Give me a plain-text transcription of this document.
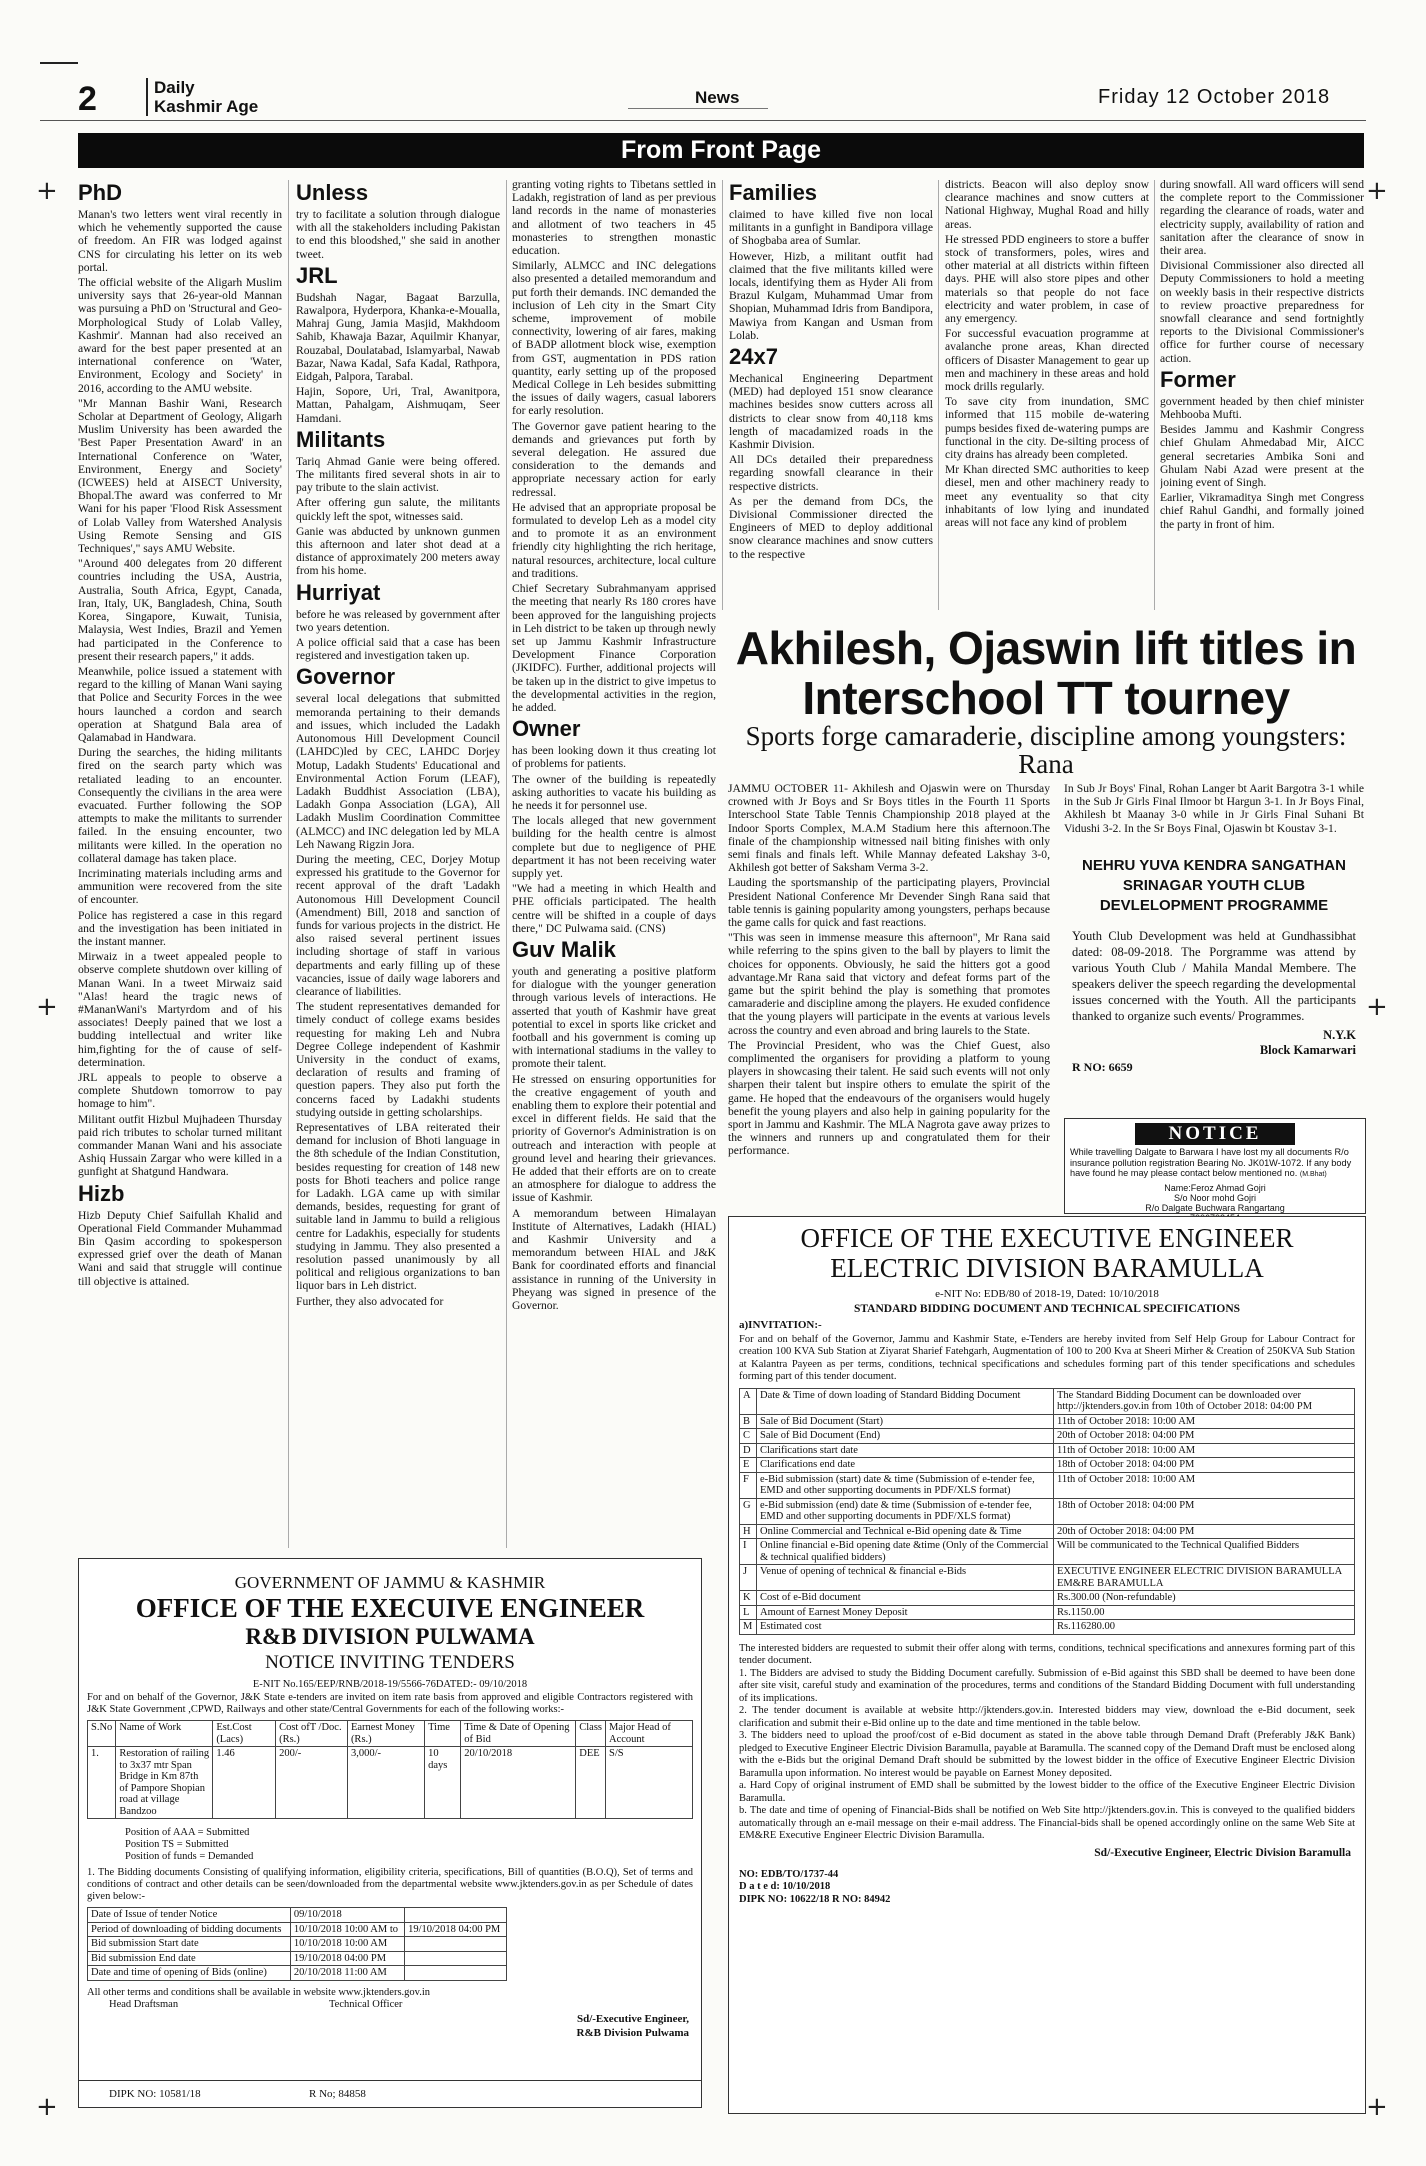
2	Daily
Kashmir Age	News	Friday 12 October 2018
From Front Page
+	+
+	+
+	+
PhD

Manan's two letters went viral recently in which he vehemently supported the cause of freedom. An FIR was lodged against CNS for circulating his letter on its web portal.

The official website of the Aligarh Muslim university says that 26-year-old Mannan was pursuing a PhD on 'Structural and Geo-Morphological Study of Lolab Valley, Kashmir'. Mannan had also received an award for the best paper presented at an international conference on 'Water, Environment, Ecology and Society' in 2016, according to the AMU website.

"Mr Mannan Bashir Wani, Research Scholar at Department of Geology, Aligarh Muslim University has been awarded the 'Best Paper Presentation Award' in an International Conference on 'Water, Environment, Energy and Society' (ICWEES) held at AISECT University, Bhopal.The award was conferred to Mr Wani for his paper 'Flood Risk Assessment of Lolab Valley from Watershed Analysis Using Remote Sensing and GIS Techniques'," says AMU Website.

"Around 400 delegates from 20 different countries including the USA, Austria, Australia, South Africa, Egypt, Canada, Iran, Italy, UK, Bangladesh, China, South Korea, Singapore, Kuwait, Tunisia, Malaysia, West Indies, Brazil and Yemen had participated in the Conference to present their research papers," it adds.

Meanwhile, police issued a statement with regard to the killing of Manan Wani saying that Police and Security Forces in the wee hours launched a cordon and search operation at Shatgund Bala area of Qalamabad in Handwara.

During the searches, the hiding militants fired on the search party which was retaliated leading to an encounter. Consequently the civilians in the area were evacuated. Further following the SOP attempts to make the militants to surrender failed. In the ensuing encounter, two militants were killed. In the operation no collateral damage has taken place.

Incriminating materials including arms and ammunition were recovered from the site of encounter.

Police has registered a case in this regard and the investigation has been initiated in the instant manner.

Mirwaiz in a tweet appealed people to observe complete shutdown over killing of Manan Wani. In a tweet Mirwaiz said "Alas! heard the tragic news of #MananWani's Martyrdom and of his associates! Deeply pained that we lost a budding intellectual and writer like him,fighting for the of cause of self-determination.

JRL appeals to people to observe a complete Shutdown tomorrow to pay homage to him".

Militant outfit Hizbul Mujhadeen Thursday paid rich tributes to scholar turned militant commander Manan Wani and his associate Ashiq Hussain Zargar who were killed in a gunfight at Shatgund Handwara.

Hizb

Hizb Deputy Chief Saifullah Khalid and Operational Field Commander Muhammad Bin Qasim according to spokesperson expressed grief over the death of Manan Wani and said that struggle will continue till objective is attained.

Unless

try to facilitate a solution through dialogue with all the stakeholders including Pakistan to end this bloodshed," she said in another tweet.

JRL

Budshah Nagar, Bagaat Barzulla, Rawalpora, Hyderpora, Khanka-e-Moualla, Mahraj Gung, Jamia Masjid, Makhdoom Sahib, Khawaja Bazar, Aquilmir Khanyar, Rouzabal, Doulatabad, Islamyarbal, Nawab Bazar, Nawa Kadal, Safa Kadal, Rathpora, Eidgah, Palpora, Tarabal.

Hajin, Sopore, Uri, Tral, Awanitpora, Mattan, Pahalgam, Aishmuqam, Seer Hamdani.

Militants

Tariq Ahmad Ganie were being offered. The militants fired several shots in air to pay tribute to the slain activist.

After offering gun salute, the militants quickly left the spot, witnesses said.

Ganie was abducted by unknown gunmen this afternoon and later shot dead at a distance of approximately 200 meters away from his home.

Hurriyat

before he was released by government after two years detention.

A police official said that a case has been registered and investigation taken up.

Governor

several local delegations that submitted memoranda pertaining to their demands and issues, which included the Ladakh Autonomous Hill Development Council (LAHDC)led by CEC, LAHDC Dorjey Motup, Ladakh Students' Educational and Environmental Action Forum (LEAF), Ladakh Buddhist Association (LBA), Ladakh Gonpa Association (LGA), All Ladakh Muslim Coordination Committee (ALMCC) and INC delegation led by MLA Leh Nawang Rigzin Jora.

During the meeting, CEC, Dorjey Motup expressed his gratitude to the Governor for recent approval of the draft 'Ladakh Autonomous Hill Development Council (Amendment) Bill, 2018 and sanction of funds for various projects in the district. He also raised several pertinent issues including shortage of staff in various departments and early filling up of these vacancies, issue of daily wage laborers and clearance of liabilities.

The student representatives demanded for timely conduct of college exams besides requesting for making Leh and Nubra Degree College independent of Kashmir University in the conduct of exams, declaration of results and framing of question papers. They also put forth the concerns faced by Ladakhi students studying outside in getting scholarships.

Representatives of LBA reiterated their demand for inclusion of Bhoti language in the 8th schedule of the Indian Constitution, besides requesting for creation of 148 new posts for Bhoti teachers and police range for Ladakh. LGA came up with similar demands, besides, requesting for grant of suitable land in Jammu to build a religious centre for Ladakhis, especially for students studying in Jammu. They also presented a resolution passed unanimously by all political and religious organizations to ban liquor bars in Leh district.

Further, they also advocated for

granting voting rights to Tibetans settled in Ladakh, registration of land as per previous land records in the name of monasteries and allotment of two teachers in 45 monasteries to strengthen monastic education.

Similarly, ALMCC and INC delegations also presented a detailed memorandum and put forth their demands. INC demanded the inclusion of Leh city in the Smart City scheme, improvement of mobile connectivity, lowering of air fares, making of BADP allotment block wise, exemption from GST, augmentation in PDS ration quantity, early setting up of the proposed Medical College in Leh besides submitting the issues of daily wagers, casual laborers for early resolution.

The Governor gave patient hearing to the demands and grievances put forth by several delegation. He assured due consideration to the demands and appropriate necessary action for early redressal.

He advised that an appropriate proposal be formulated to develop Leh as a model city and to promote it as an environment friendly city highlighting the rich heritage, natural resources, architecture, local culture and traditions.

Chief Secretary Subrahmanyam apprised the meeting that nearly Rs 180 crores have been approved for the languishing projects in Leh district to be taken up through newly set up Jammu Kashmir Infrastructure Development Finance Corporation (JKIDFC). Further, additional projects will be taken up in the district to give impetus to the developmental activities in the region, he added.

Owner

has been looking down it thus creating lot of problems for patients.

The owner of the building is repeatedly asking authorities to vacate his building as he needs it for personnel use.

The locals alleged that new government building for the health centre is almost complete but due to negligence of PHE department it has not been receiving water supply yet.

"We had a meeting in which Health and PHE officials participated. The health centre will be shifted in a couple of days there," DC Pulwama said. (CNS)

Guv Malik

youth and generating a positive platform for dialogue with the younger generation through various levels of interactions. He asserted that youth of Kashmir have great potential to excel in sports like cricket and football and his government is coming up with international stadiums in the valley to promote their talent.

He stressed on ensuring opportunities for the creative engagement of youth and enabling them to explore their potential and excel in different fields. He said that the priority of Governor's Administration is on outreach and interaction with people at ground level and hearing their grievances. He added that their efforts are on to create an atmosphere for dialogue to address the issue of Kashmir.

A memorandum between Himalayan Institute of Alternatives, Ladakh (HIAL) and Kashmir University and a memorandum between HIAL and J&K Bank for coordinated efforts and financial assistance in running of the University in Pheyang was signed in presence of the Governor.

Families

claimed to have killed five non local militants in a gunfight in Bandipora village of Shogbaba area of Sumlar.

However, Hizb, a militant outfit had claimed that the five militants killed were locals, identifying them as Hyder Ali from Brazul Kulgam, Muhammad Umar from Shopian, Muhammad Idris from Bandipora, Mawiya from Kangan and Usman from Lolab.

24x7

Mechanical Engineering Department (MED) had deployed 151 snow clearance machines besides snow cutters across all districts to clear snow from 40,118 kms length of macadamized roads in the Kashmir Division.

All DCs detailed their preparedness regarding snowfall clearance in their respective districts.

As per the demand from DCs, the Divisional Commissioner directed the Engineers of MED to deploy additional snow clearance machines and snow cutters to the respective

districts. Beacon will also deploy snow clearance machines and snow cutters at National Highway, Mughal Road and hilly areas.

He stressed PDD engineers to store a buffer stock of transformers, poles, wires and other material at all districts within fifteen days. PHE will also store pipes and other materials so that people do not face electricity and water problem, in case of any emergency.

For successful evacuation programme at avalanche prone areas, Khan directed officers of Disaster Management to gear up men and machinery in these areas and hold mock drills regularly.

To save city from inundation, SMC informed that 115 mobile de-watering pumps besides fixed de-watering pumps are functional in the city. De-silting process of city drains has already been completed.

Mr Khan directed SMC authorities to keep diesel, men and other machinery ready to meet any eventuality so that city inhabitants of low lying and inundated areas will not face any kind of problem

during snowfall. All ward officers will send the complete report to the Commissioner regarding the clearance of roads, water and electricity supply, availability of ration and sanitation after the clearance of snow in their area.

Divisional Commissioner also directed all Deputy Commissioners to hold a meeting on weekly basis in their respective districts to review proactive preparedness for snowfall clearance and send fortnightly reports to the Divisional Commissioner's office for further course of necessary action.

Former

government headed by then chief minister Mehbooba Mufti.

Besides Jammu and Kashmir Congress chief Ghulam Ahmedabad Mir, AICC general secretaries Ambika Soni and Ghulam Nabi Azad were present at the joining event of Singh.

Earlier, Vikramaditya Singh met Congress chief Rahul Gandhi, and formally joined the party in front of him.

Akhilesh, Ojaswin lift titles in Interschool TT tourney
Sports forge camaraderie, discipline among youngsters: Rana

JAMMU OCTOBER 11- Akhilesh and Ojaswin were on Thursday crowned with Jr Boys and Sr Boys titles in the Fourth 11 Sports Interschool State Table Tennis Championship 2018 played at the Indoor Sports Complex, M.A.M Stadium here this afternoon.The finale of the championship witnessed nail biting finishes with only semi finals and finals left. While Mannay defeated Lakshay 3-0, Akhilesh got better of Saksham Verma 3-2.

Lauding the sportsmanship of the participating players, Provincial President National Conference Mr Devender Singh Rana said that table tennis is gaining popularity among youngsters, perhaps because the game calls for quick and fast reactions.

"This was seen in immense measure this afternoon", Mr Rana said while referring to the spins given to the ball by players to limit the choices for opponents. Obviously, he said the hitters got a good advantage.Mr Rana said that victory and defeat forms part of the game but the spirit behind the play is something that promotes camaraderie and discipline among the players. He exuded confidence that the young players will participate in the events at various levels across the country and even abroad and bring laurels to the State.

The Provincial President, who was the Chief Guest, also complimented the organisers for providing a platform to young players in showcasing their talent. He said such events will not only sharpen their talent but inspire others to emulate the spirit of the game. He hoped that the endeavours of the organisers would hugely benefit the young players and also help in gaining popularity for the sport in Jammu and Kashmir. The MLA Nagrota gave away prizes to the winners and runners up and congratulated them for their performance.

In Sub Jr Boys' Final, Rohan Langer bt Aarit Bargotra 3-1 while in the Sub Jr Girls Final Ilmoor bt Hargun 3-1. In Jr Boys Final, Akhilesh bt Maanay 3-0 while in Jr Girls Final Suhani Bt Vidushi 3-2. In the Sr Boys Final, Ojaswin bt Koustav 3-1.

NEHRU YUVA KENDRA SANGATHAN SRINAGAR YOUTH CLUB DEVLELOPMENT PROGRAMME
Youth Club Development was held at Gundhassibhat dated: 08-09-2018. The Porgramme was attend by various Youth Club / Mahila Mandal Membere. The speakers deliver the speech regarding the developmental issues concerned with the Youth. All the participants thanked to organize such events/ Programmes.
N.Y.K
Block Kamarwari
R NO: 6659
NOTICE
While travelling Dalgate to Barwara I have lost my all documents R/o insurance pollution registration Bearing No. JK01W-1072. If any body have found he may please contact below mentioned no. (M.Bhat)
Name:Feroz Ahmad Gojri
S/o Noor mohd Gojri
R/o Dalgate Buchwara Rangartang
GOVERNMENT OF JAMMU & KASHMIR
OFFICE OF THE EXECUIVE ENGINEER
R&B DIVISION PULWAMA
NOTICE INVITING TENDERS
E-NIT No.165/EEP/RNB/2018-19/5566-76DATED:- 09/10/2018
For and on behalf of the Governor, J&K State e-tenders are invited on item rate basis from approved and eligible Contractors registered with J&K State Government ,CPWD, Railways and other state/Central Governments for each of the following works:-
S.No	Name of Work	Est.Cost (Lacs)	Cost ofT /Doc.(Rs.)	Earnest Money (Rs.)	Time	Time & Date of Opening of Bid	Class	Major Head of Account
1.	Restoration of railing to 3x37 mtr Span Bridge in Km 87th of Pampore Shopian road at village Bandzoo	1.46	200/-	3,000/-	10 days	20/10/2018	DEE	S/S
Position of AAA = Submitted
Position TS = Submitted
Position of funds = Demanded
1. The Bidding documents Consisting of qualifying information, eligibility criteria, specifications, Bill of quantities (B.O.Q), Set of terms and conditions of contract and other details can be seen/downloaded from the departmental website www.jktenders.gov.in as per Schedule of dates given below:-
Date of Issue of tender Notice	09/10/2018	
Period of downloading of bidding documents	10/10/2018 10:00 AM to	19/10/2018 04:00 PM
Bid submission Start date	10/10/2018 10:00 AM	
Bid submission End date	19/10/2018 04:00 PM	
Date and time of opening of Bids (online)	20/10/2018 11:00 AM	
All other terms and conditions shall be available in website www.jktenders.gov.in
Head Draftsman	Technical Officer
Sd/-Executive Engineer,
R&B Division Pulwama
DIPK NO: 10581/18	R No; 84858
OFFICE OF THE EXECUTIVE ENGINEER
ELECTRIC DIVISION BARAMULLA
e-NIT No: EDB/80 of 2018-19, Dated: 10/10/2018
STANDARD BIDDING DOCUMENT AND TECHNICAL SPECIFICATIONS
a)INVITATION:-
For and on behalf of the Governor, Jammu and Kashmir State, e-Tenders are hereby invited from Self Help Group for Labour Contract for creation 100 KVA Sub Station at Ziyarat Sharief Fatehgarh, Augmentation of 100 to 200 Kva at Sheeri Mirher & Creation of 250KVA Sub Station at Kalantra Payeen as per terms, conditions, technical specifications and schedules forming part of this tender specifications and schedules forming part of this tender document.
A	Date & Time of down loading of Standard Bidding Document	The Standard Bidding Document can be downloaded over http://jktenders.gov.in from 10th of October 2018: 04:00 PM
B	Sale of Bid Document (Start)	11th of October 2018: 10:00 AM
C	Sale of Bid Document (End)	20th of October 2018: 04:00 PM
D	Clarifications start date	11th of October 2018: 10:00 AM
E	Clarifications end date	18th of October 2018: 04:00 PM
F	e-Bid submission (start) date & time (Submission of e-tender fee, EMD and other supporting documents in PDF/XLS format)	11th of October 2018: 10:00 AM
G	e-Bid submission (end) date & time (Submission of e-tender fee, EMD and other supporting documents in PDF/XLS format)	18th of October 2018: 04:00 PM
H	Online Commercial and Technical e-Bid opening date & Time	20th of October 2018: 04:00 PM
I	Online financial e-Bid opening date &time (Only of the Commercial & technical qualified bidders)	Will be communicated to the Technical Qualified Bidders
J	Venue of opening of technical & financial e-Bids	EXECUTIVE ENGINEER ELECTRIC DIVISION BARAMULLA EM&RE BARAMULLA
K	Cost of e-Bid document	Rs.300.00 (Non-refundable)
L	Amount of Earnest Money Deposit	Rs.1150.00
M	Estimated cost	Rs.116280.00
The interested bidders are requested to submit their offer along with terms, conditions, technical specifications and annexures forming part of this tender document.
1. The Bidders are advised to study the Bidding Document carefully. Submission of e-Bid against this SBD shall be deemed to have been done after site visit, careful study and examination of the procedures, terms and conditions of the Standard Bidding Document with full understanding of its implications.
2. The tender document is available at website http://jktenders.gov.in. Interested bidders may view, download the e-Bid document, seek clarification and submit their e-Bid online up to the date and time mentioned in the table below.
3. The bidders need to upload the proof/cost of e-Bid document as stated in the above table through Demand Draft (Preferably J&K Bank) pledged to Executive Engineer Electric Division Baramulla, payable at Baramulla. The scanned copy of the Demand Draft must be enclosed along with the e-Bids but the original Demand Draft should be submitted by the lowest bidder in the office of Executive Engineer Electric Division Baramulla upon information. No interest would be payable on Earnest Money deposited.
a. Hard Copy of original instrument of EMD shall be submitted by the lowest bidder to the office of the Executive Engineer Electric Division Baramulla.
b. The date and time of opening of Financial-Bids shall be notified on Web Site http://jktenders.gov.in. This is conveyed to the qualified bidders automatically through an e-mail message on their e-mail address. The Financial-bids shall be opened accordingly online on the same Web Site at EM&RE Executive Engineer Electric Division Baramulla.
Sd/-Executive Engineer, Electric Division Baramulla
NO: EDB/TO/1737-44
D a t e d: 10/10/2018
DIPK NO: 10622/18 R NO: 84942
